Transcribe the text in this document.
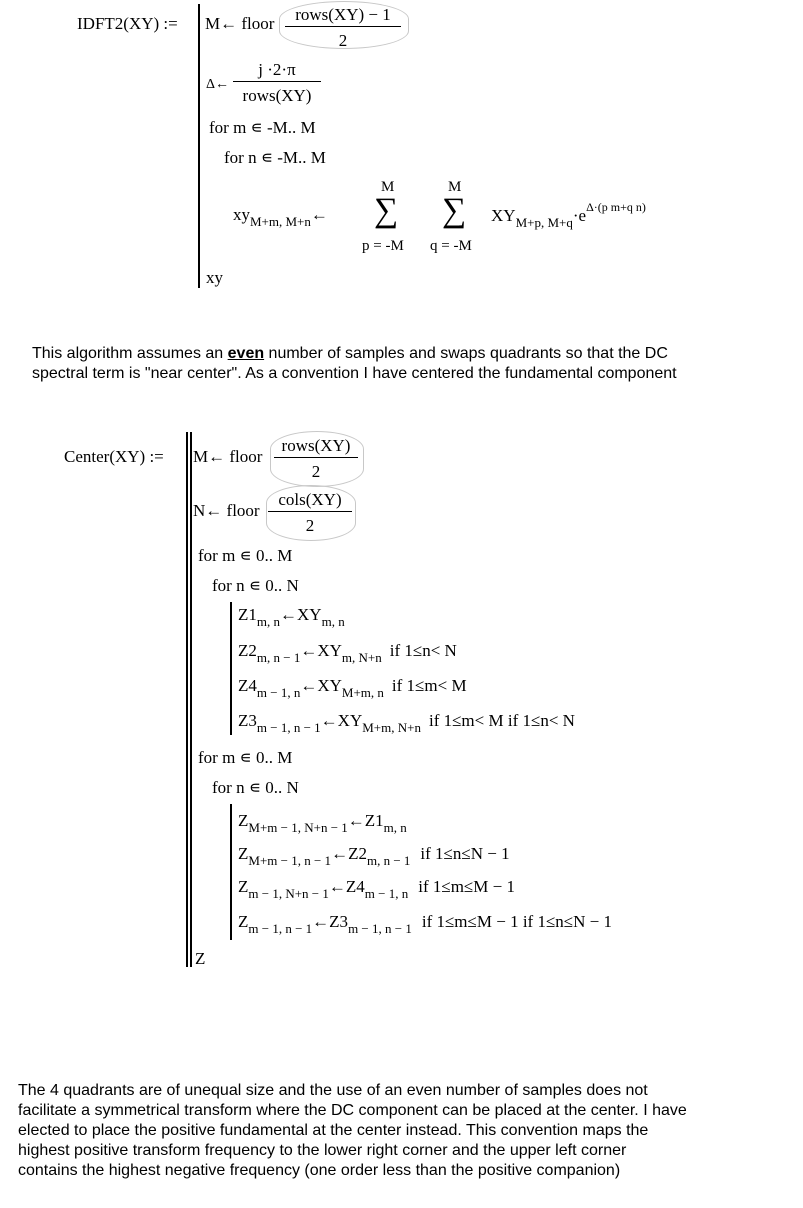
IDFT2(XY) := M← floor	rows(XY) − 1
2
Δ←
j ·2·π
rows(XY)
for m ∊ -M.. M
for n ∊ -M.. M
$xy_{M+m, M+n}\leftarrow$
M
∑
p = -M
M
∑
q = -M
$XY_{M+p, M+q}\cdot e^{\Delta\cdot(p m+q n)}$
xy
This algorithm assumes an even number of samples and swaps quadrants so that the DC
spectral term is "near center". As a convention I have centered the fundamental component
Center(XY) := M← floor
rows(XY)
2
N← floor
cols(XY)
2
for m ∊ 0.. M
for n ∊ 0.. N
$Z1_{m, n}\leftarrow XY_{m, n}$
$Z2_{m, n - 1}\leftarrow XY_{m, N+n}$ if 1≤n< N
$Z4_{m - 1, n}\leftarrow XY_{M+m, n}$ if 1≤m< M
$Z3_{m - 1, n - 1}\leftarrow XY_{M+m, N+n}$ if 1≤m< M if 1≤n< N
for m ∊ 0.. M
for n ∊ 0.. N
$Z_{M+m - 1, N+n - 1}\leftarrow Z1_{m, n}$
$Z_{M+m - 1, n - 1}\leftarrow Z2_{m, n - 1}$ if 1≤n≤N − 1
$Z_{m - 1, N+n - 1}\leftarrow Z4_{m - 1, n}$ if 1≤m≤M − 1
$Z_{m - 1, n - 1}\leftarrow Z3_{m - 1, n - 1}$ if 1≤m≤M − 1 if 1≤n≤N − 1
Z
The 4 quadrants are of unequal size and the use of an even number of samples does not
facilitate a symmetrical transform where the DC component can be placed at the center. I have
elected to place the positive fundamental at the center instead. This convention maps the
highest positive transform frequency to the lower right corner and the upper left corner
contains the highest negative frequency (one order less than the positive companion)
